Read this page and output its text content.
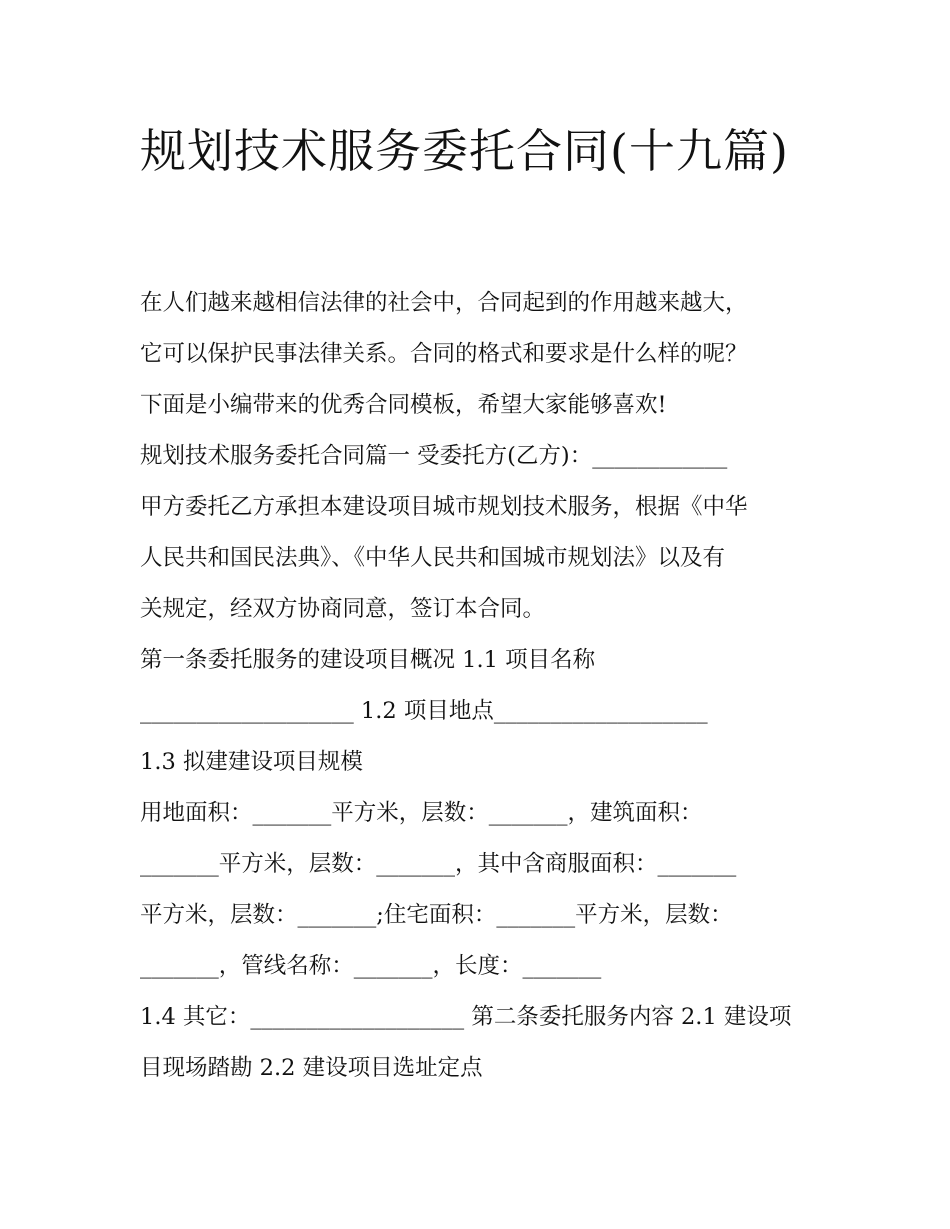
规划技术服务委托合同(十九篇)
在人们越来越相信法律的社会中，合同起到的作用越来越大，
它可以保护民事法律关系。合同的格式和要求是什么样的呢？
下面是小编带来的优秀合同模板，希望大家能够喜欢!
规划技术服务委托合同篇一 受委托方(乙方)：____________
甲方委托乙方承担本建设项目城市规划技术服务，根据《中华
人民共和国民法典》、《中华人民共和国城市规划法》以及有
关规定，经双方协商同意，签订本合同。
第一条委托服务的建设项目概况 1.1 项目名称
___________________ 1.2 项目地点___________________
1.3 拟建建设项目规模
用地面积：_______平方米，层数：_______，建筑面积：
_______平方米，层数：_______，其中含商服面积：_______
平方米，层数：_______;住宅面积：_______平方米，层数：
_______，管线名称：_______，长度：_______
1.4 其它：___________________ 第二条委托服务内容 2.1 建设项
目现场踏勘 2.2 建设项目选址定点
